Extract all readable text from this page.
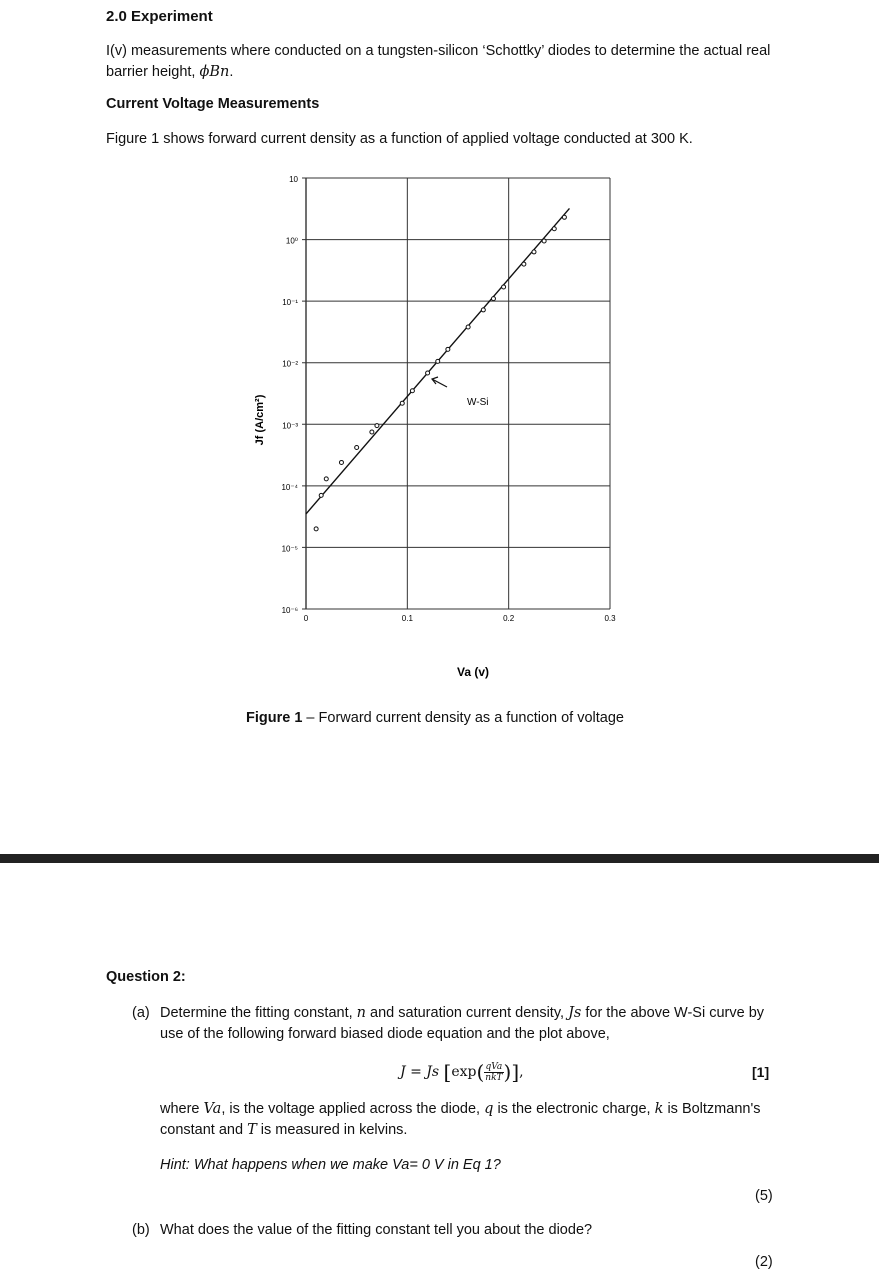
2.0 Experiment
I(v) measurements where conducted on a tungsten-silicon ‘Schottky’ diodes to determine the actual real barrier height, ϕBn.
Current Voltage Measurements
Figure 1 shows forward current density as a function of applied voltage conducted at 300 K.
10⁻⁶
10⁻⁵
10⁻⁴
10⁻³
10⁻²
10⁻¹
10⁰
10
0	0.1	0.2	0.3
W-Si
Va (v)
Jf (A/cm²)
Figure 1 – Forward current density as a function of voltage
Question 2:
(a) Determine the fitting constant, n and saturation current density, Js for the above W-Si curve by use of the following forward biased diode equation and the plot above,
J = Js [$\exp( \frac{\text{qVa}}{\text{nkT}}$ )],	[1]
where Va, is the voltage applied across the diode, q is the electronic charge, k is Boltzmann's constant and T is measured in kelvins.
Hint: What happens when we make Va= 0 V in Eq 1?
(5)
(b) What does the value of the fitting constant tell you about the diode?
(2)
